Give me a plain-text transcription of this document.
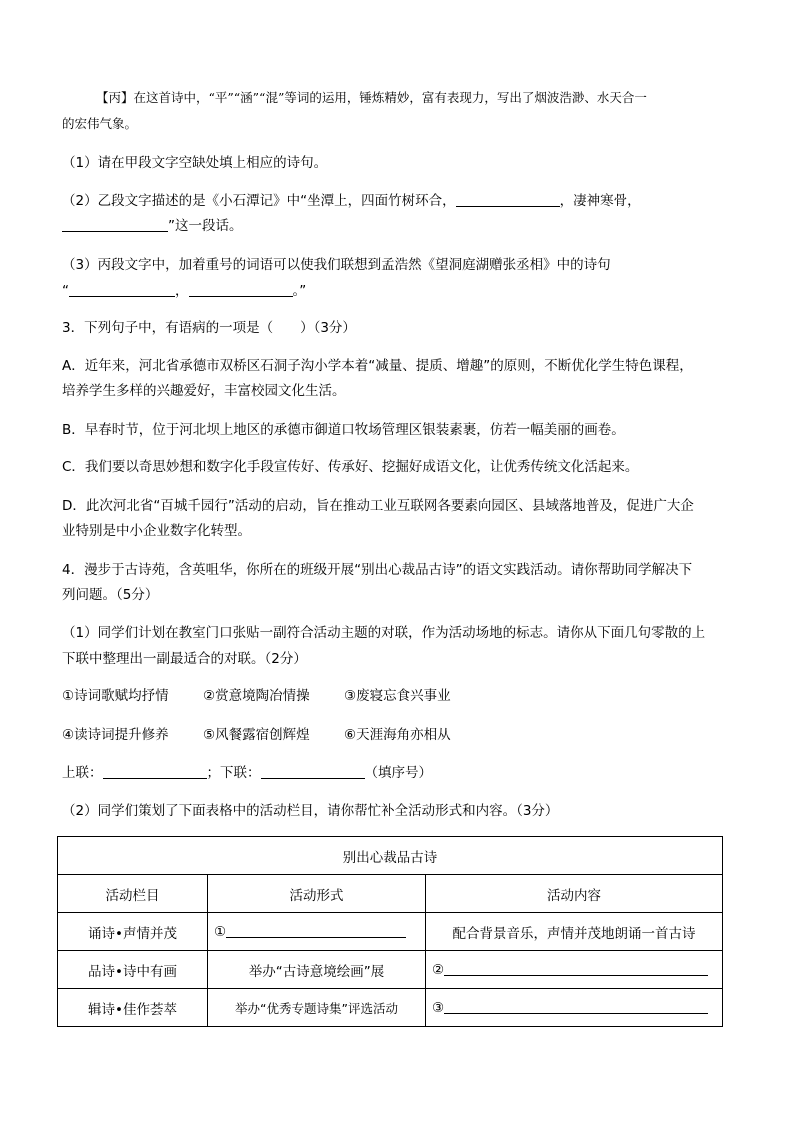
【丙】在这首诗中，“平”“涵”“混”等词的运用，锤炼精妙，富有表现力，写出了烟波浩渺、水天合一
的宏伟气象。
（1）请在甲段文字空缺处填上相应的诗句。
（2）乙段文字描述的是《小石潭记》中“坐潭上，四面竹树环合，	，凄神寒骨，
”这一段话。
（3）丙段文字中，加着重号的词语可以使我们联想到孟浩然《望洞庭湖赠张丞相》中的诗句
“	，	。”
3．下列句子中，有语病的一项是（　　）（3分）
A．近年来，河北省承德市双桥区石洞子沟小学本着“减量、提质、增趣”的原则，不断优化学生特色课程，
培养学生多样的兴趣爱好，丰富校园文化生活。
B．早春时节，位于河北坝上地区的承德市御道口牧场管理区银装素裹，仿若一幅美丽的画卷。
C．我们要以奇思妙想和数字化手段宣传好、传承好、挖掘好成语文化，让优秀传统文化活起来。
D．此次河北省“百城千园行”活动的启动，旨在推动工业互联网各要素向园区、县域落地普及，促进广大企
业特别是中小企业数字化转型。
4．漫步于古诗苑，含英咀华，你所在的班级开展“别出心裁品古诗”的语文实践活动。请你帮助同学解决下
列问题。（5分）
（1）同学们计划在教室门口张贴一副符合活动主题的对联，作为活动场地的标志。请你从下面几句零散的上
下联中整理出一副最适合的对联。（2分）
①诗词歌赋均抒情	②赏意境陶冶情操	③废寝忘食兴事业
④读诗词提升修养	⑤风餐露宿创辉煌	⑥天涯海角亦相从
上联：	；下联：	（填序号）
（2）同学们策划了下面表格中的活动栏目，请你帮忙补全活动形式和内容。（3分）
别出心裁品古诗		
活动栏目	活动形式	活动内容
诵诗•声情并茂	①	配合背景音乐，声情并茂地朗诵一首古诗
品诗•诗中有画	举办“古诗意境绘画”展	②
辑诗•佳作荟萃	举办“优秀专题诗集”评选活动	③
